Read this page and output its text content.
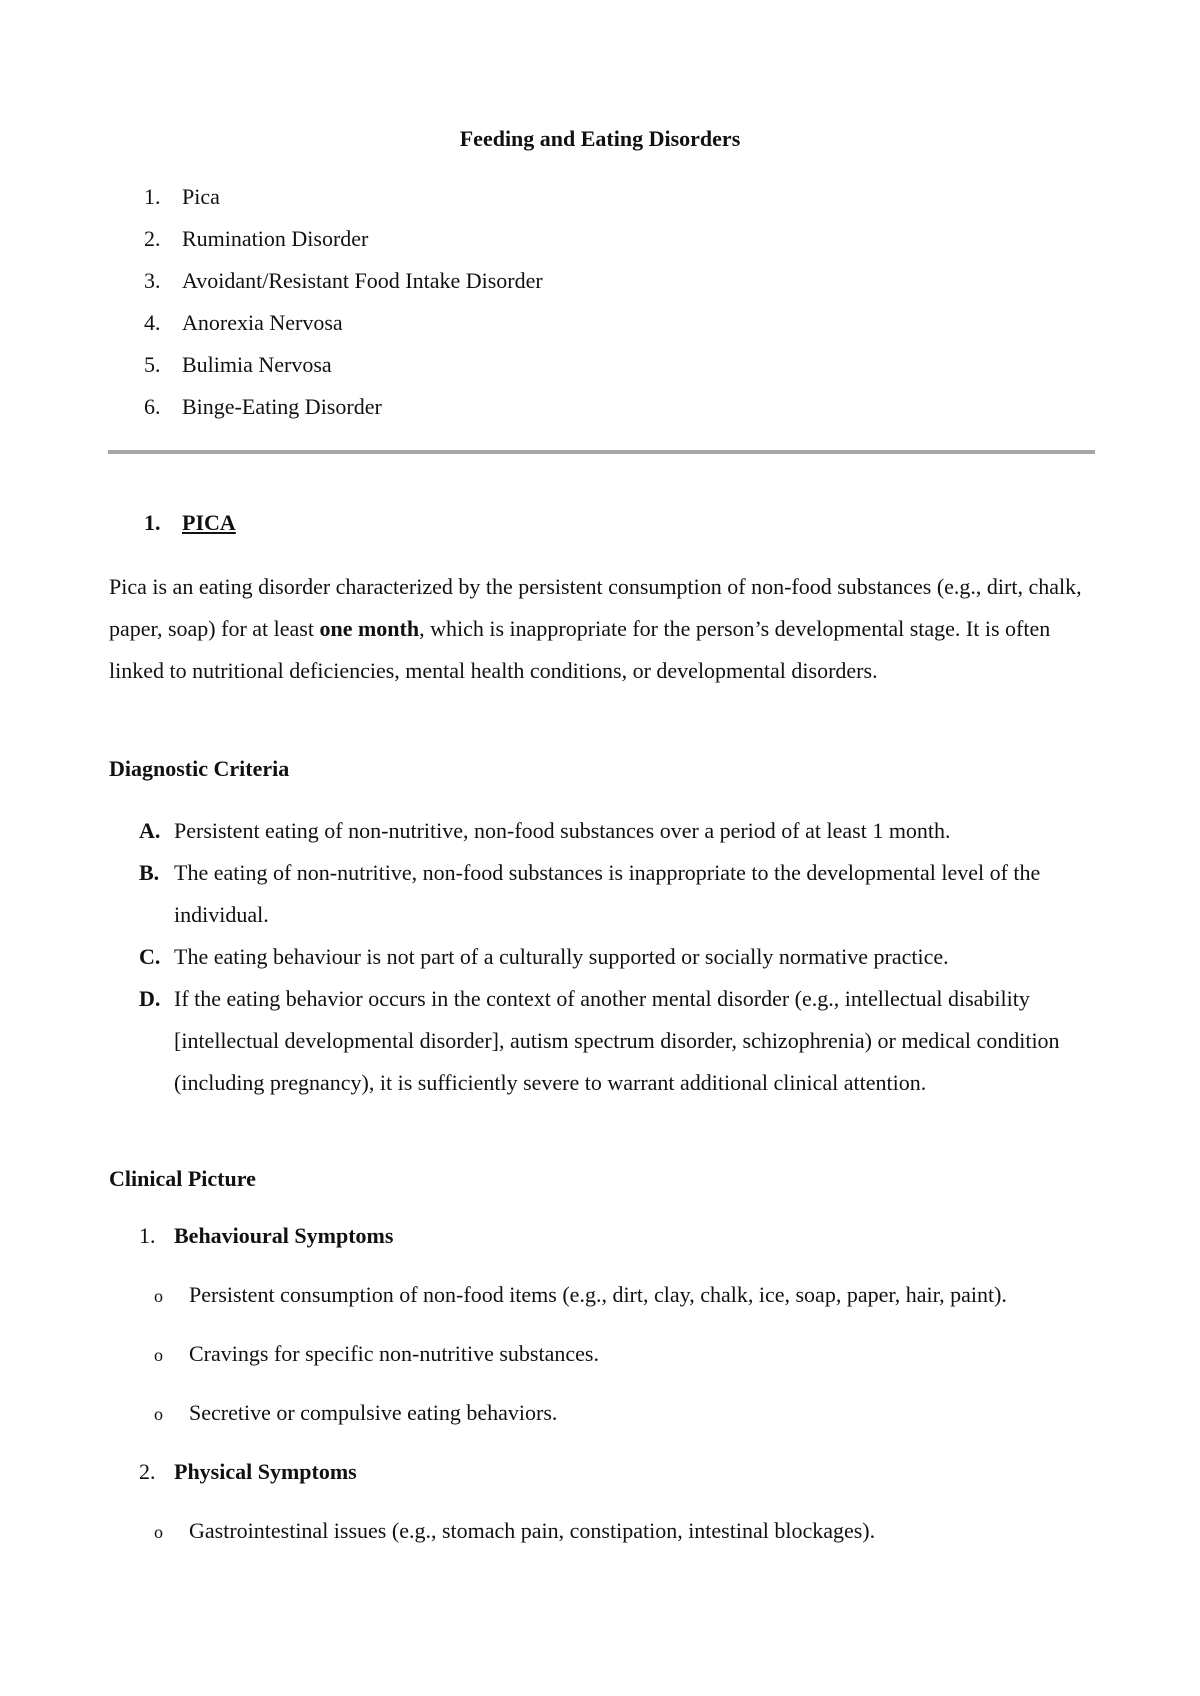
Feeding and Eating Disorders
1. Pica
2. Rumination Disorder
3. Avoidant/Resistant Food Intake Disorder
4. Anorexia Nervosa
5. Bulimia Nervosa
6. Binge-Eating Disorder
1. PICA
Pica is an eating disorder characterized by the persistent consumption of non-food substances (e.g., dirt, chalk, paper, soap) for at least one month, which is inappropriate for the person’s developmental stage. It is often linked to nutritional deficiencies, mental health conditions, or developmental disorders.
Diagnostic Criteria
A. Persistent eating of non-nutritive, non-food substances over a period of at least 1 month.
B. The eating of non-nutritive, non-food substances is inappropriate to the developmental level of the individual.
C. The eating behaviour is not part of a culturally supported or socially normative practice.
D. If the eating behavior occurs in the context of another mental disorder (e.g., intellectual disability [intellectual developmental disorder], autism spectrum disorder, schizophrenia) or medical condition (including pregnancy), it is sufficiently severe to warrant additional clinical attention.
Clinical Picture
1. Behavioural Symptoms
o Persistent consumption of non-food items (e.g., dirt, clay, chalk, ice, soap, paper, hair, paint).
o Cravings for specific non-nutritive substances.
o Secretive or compulsive eating behaviors.
2. Physical Symptoms
o Gastrointestinal issues (e.g., stomach pain, constipation, intestinal blockages).
